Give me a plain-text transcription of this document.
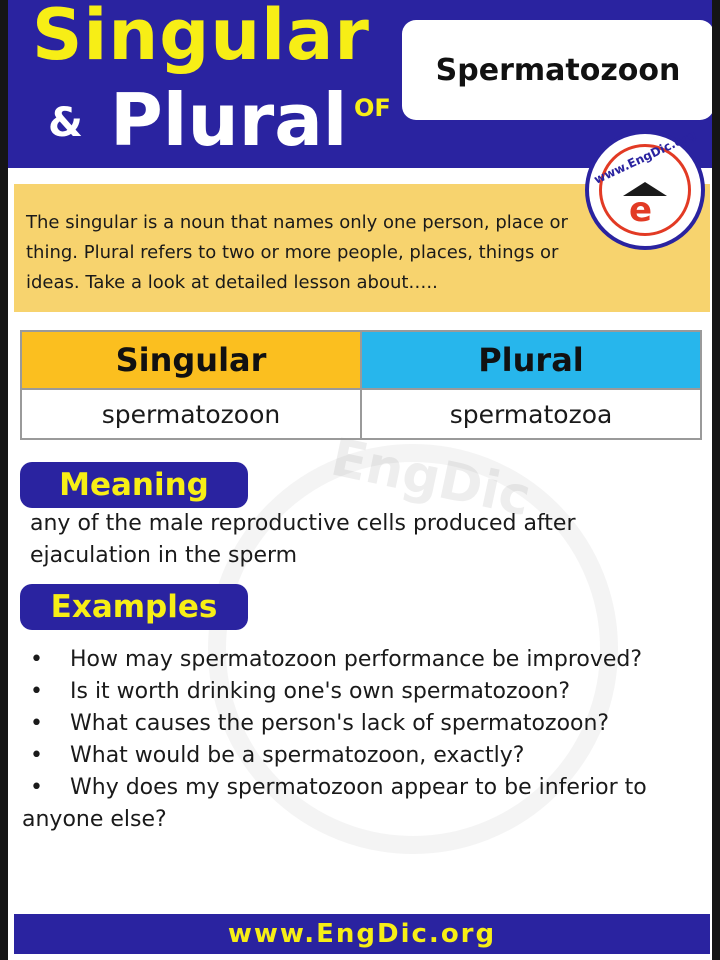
Singular
& Plural OF
Spermatozoon
www.EngDic.org
e

The singular is a noun that names only one person, place or thing. Plural refers to two or more people, places, things or ideas. Take a look at detailed lesson about…..

Singular	Plural
spermatozoon	spermatozoa
EngDic
Meaning

any of the male reproductive cells produced after ejaculation in the sperm

Examples
• How may spermatozoon performance be improved?
• Is it worth drinking one's own spermatozoon?
• What causes the person's lack of spermatozoon?
• What would be a spermatozoon, exactly?
• Why does my spermatozoon appear to be inferior to anyone else?
www.EngDic.org
